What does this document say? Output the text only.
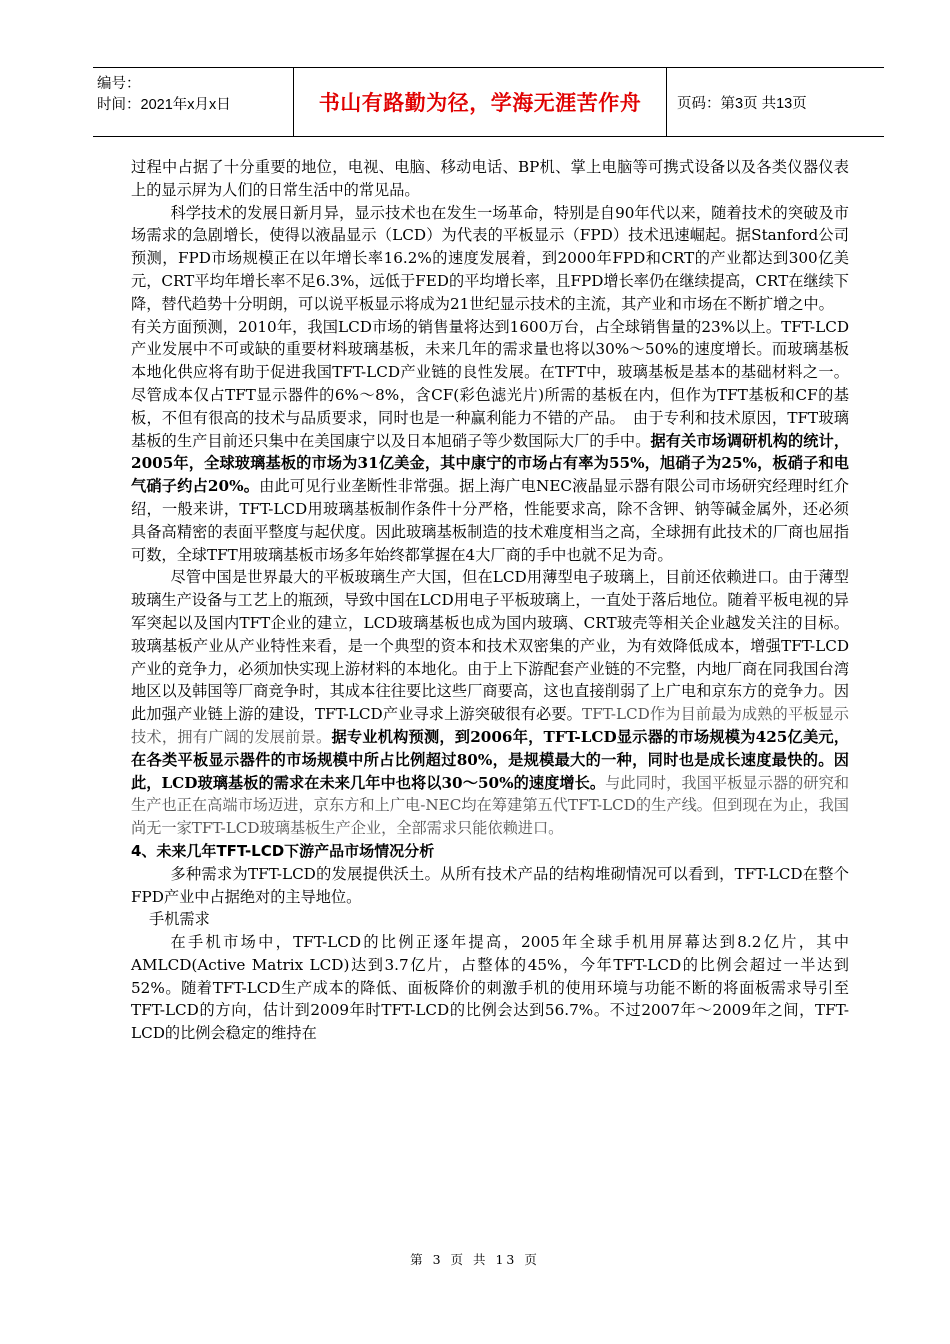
编号：
时间：2021年x月x日	书山有路勤为径，学海无涯苦作舟	页码：第3页 共13页

过程中占据了十分重要的地位，电视、电脑、移动电话、BP机、掌上电脑等可携式设备以及各类仪器仪表上的显示屏为人们的日常生活中的常见品。

科学技术的发展日新月异，显示技术也在发生一场革命，特别是自90年代以来，随着技术的突破及市场需求的急剧增长，使得以液晶显示（LCD）为代表的平板显示（FPD）技术迅速崛起。据Stanford公司预测，FPD市场规模正在以年增长率16.2%的速度发展着，到2000年FPD和CRT的产业都达到300亿美元，CRT平均年增长率不足6.3%，远低于FED的平均增长率，且FPD增长率仍在继续提高，CRT在继续下降，替代趋势十分明朗，可以说平板显示将成为21世纪显示技术的主流，其产业和市场在不断扩增之中。

有关方面预测，2010年，我国LCD市场的销售量将达到1600万台，占全球销售量的23%以上。TFT-LCD产业发展中不可或缺的重要材料玻璃基板，未来几年的需求量也将以30%～50%的速度增长。而玻璃基板本地化供应将有助于促进我国TFT-LCD产业链的良性发展。在TFT中，玻璃基板是基本的基础材料之一。尽管成本仅占TFT显示器件的6%～8%，含CF(彩色滤光片)所需的基板在内，但作为TFT基板和CF的基板，不但有很高的技术与品质要求，同时也是一种赢利能力不错的产品。　由于专利和技术原因，TFT玻璃基板的生产目前还只集中在美国康宁以及日本旭硝子等少数国际大厂的手中。据有关市场调研机构的统计，2005年，全球玻璃基板的市场为31亿美金，其中康宁的市场占有率为55%，旭硝子为25%，板硝子和电气硝子约占20%。由此可见行业垄断性非常强。据上海广电NEC液晶显示器有限公司市场研究经理时红介绍，一般来讲，TFT-LCD用玻璃基板制作条件十分严格，性能要求高，除不含钾、钠等碱金属外，还必须具备高精密的表面平整度与起伏度。因此玻璃基板制造的技术难度相当之高，全球拥有此技术的厂商也屈指可数，全球TFT用玻璃基板市场多年始终都掌握在4大厂商的手中也就不足为奇。

尽管中国是世界最大的平板玻璃生产大国，但在LCD用薄型电子玻璃上，目前还依赖进口。由于薄型玻璃生产设备与工艺上的瓶颈，导致中国在LCD用电子平板玻璃上，一直处于落后地位。随着平板电视的异军突起以及国内TFT企业的建立，LCD玻璃基板也成为国内玻璃、CRT玻壳等相关企业越发关注的目标。玻璃基板产业从产业特性来看，是一个典型的资本和技术双密集的产业，为有效降低成本，增强TFT-LCD产业的竞争力，必须加快实现上游材料的本地化。由于上下游配套产业链的不完整，内地厂商在同我国台湾地区以及韩国等厂商竞争时，其成本往往要比这些厂商要高，这也直接削弱了上广电和京东方的竞争力。因此加强产业链上游的建设，TFT-LCD产业寻求上游突破很有必要。TFT-LCD作为目前最为成熟的平板显示技术，拥有广阔的发展前景。据专业机构预测，到2006年，TFT-LCD显示器的市场规模为425亿美元，在各类平板显示器件的市场规模中所占比例超过80%，是规模最大的一种，同时也是成长速度最快的。因此，LCD玻璃基板的需求在未来几年中也将以30～50%的速度增长。与此同时，我国平板显示器的研究和生产也正在高端市场迈进，京东方和上广电-NEC均在筹建第五代TFT-LCD的生产线。但到现在为止，我国尚无一家TFT-LCD玻璃基板生产企业，全部需求只能依赖进口。

4、未来几年TFT-LCD下游产品市场情况分析

多种需求为TFT-LCD的发展提供沃土。从所有技术产品的结构堆砌情况可以看到，TFT-LCD在整个FPD产业中占据绝对的主导地位。

手机需求

在手机市场中，TFT-LCD的比例正逐年提高，2005年全球手机用屏幕达到8.2亿片，其中AMLCD(Active Matrix LCD)达到3.7亿片，占整体的45%，今年TFT-LCD的比例会超过一半达到52%。随着TFT-LCD生产成本的降低、面板降价的刺激手机的使用环境与功能不断的将面板需求导引至TFT-LCD的方向，估计到2009年时TFT-LCD的比例会达到56.7%。不过2007年～2009年之间，TFT-LCD的比例会稳定的维持在

第 3 页 共 13 页
